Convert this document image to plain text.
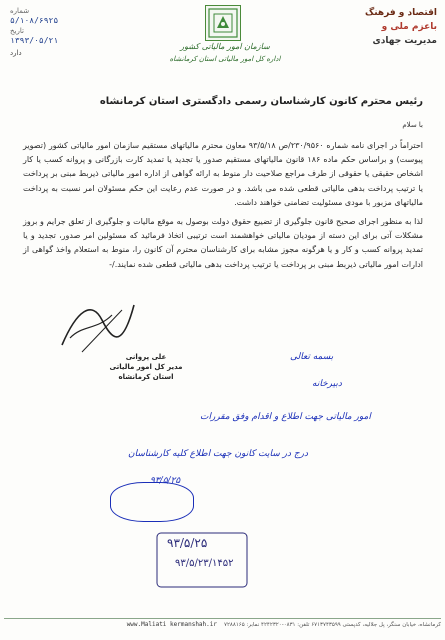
شماره
۵/۱۰۸/۶۹۲۵
تاریخ
۱۳۹۳/۰۵/۲۱
دارد
سازمان امور مالیاتی کشور
اداره کل امور مالیاتی استان کرمانشاه
اقتصاد و فرهنگ
باعزم ملی و
مدیریت جهادی
رئیس محترم کانون کارشناسان رسمی دادگستری استان کرمانشاه
با سلام

احتراماً در اجرای نامه شماره ۲۳۰/۹۵۶۰/ص ۹۳/۵/۱۸ معاون محترم مالیاتهای مستقیم سازمان امور مالیاتی کشور (تصویر پیوست) و براساس حکم ماده ۱۸۶ قانون مالیاتهای مستقیم صدور یا تجدید یا تمدید کارت بازرگانی و پروانه کسب یا کار اشخاص حقیقی یا حقوقی از طرف مراجع صلاحیت دار منوط به ارائه گواهی از اداره امور مالیاتی ذیربط مبنی بر پرداخت یا ترتیب پرداخت بدهی مالیاتی قطعی شده می باشد. و در صورت عدم رعایت این حکم مسئولان امر نسبت به پرداخت مالیاتهای مزبور با مودی مسئولیت تضامنی خواهند داشت.

لذا به منظور اجرای صحیح قانون جلوگیری از تضییع حقوق دولت بوصول به موقع مالیات و جلوگیری از تعلق جرایم و بروز مشکلات آتی برای این دسته از مودیان مالیاتی خواهشمند است ترتیبی اتخاذ فرمائید که مسئولین امر صدور، تجدید و یا تمدید پروانه کسب و کار و یا هرگونه مجوز مشابه برای کارشناسان محترم آن کانون را، منوط به استعلام واخذ گواهی از ادارات امور مالیاتی ذیربط مبنی بر پرداخت یا ترتیب پرداخت بدهی مالیاتی قطعی شده نمایند./-

علی پروانی
مدیر کل امور مالیاتی استان کرمانشاه
بسمه تعالی
دبیرخانه
امور مالیاتی جهت اطلاع و اقدام وفق مقررات
درج در سایت کانون جهت اطلاع کلیه کارشناسان
۹۳/۵/۲۵
۹۳/۵/۲۵
۹۳/۵/۲۳/۱۴۵۲
کرمانشاه، خیابان سنگر، پل جلالیه، کدپستی ۶۷۱۳۷۴۳۵۹۹ تلفن: ۰۸۳۱-۴۲۴۲۳۲۰ نمابر: ۷۲۸۸۱۶۵    www.Maliati kermanshah.ir
